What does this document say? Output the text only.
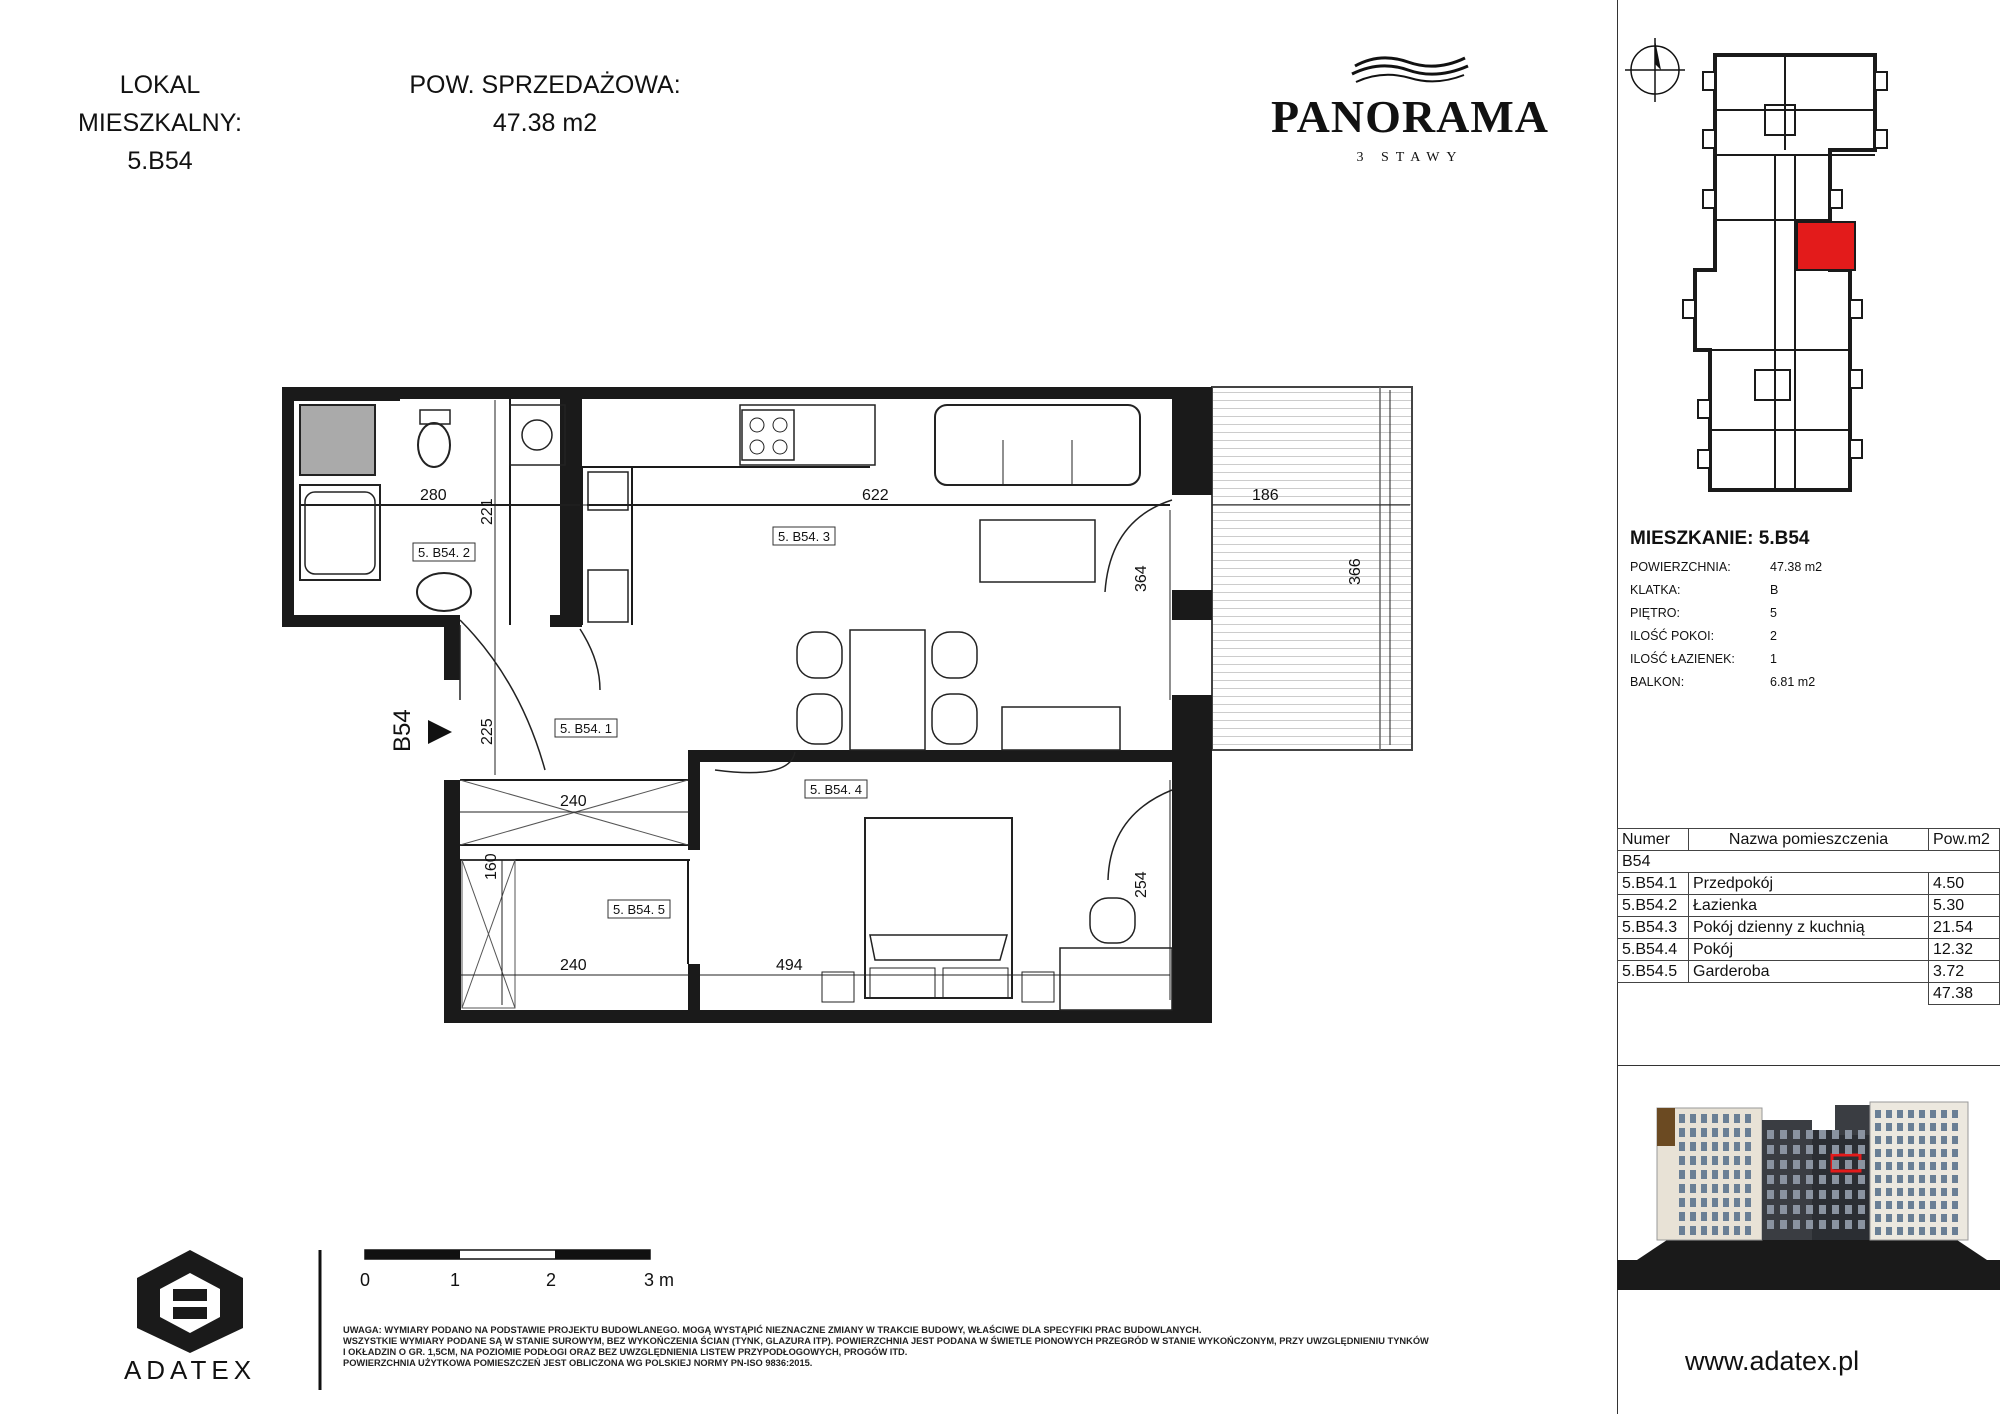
LOKAL MIESZKALNY:
5.B54
POW. SPRZEDAŻOWA:
47.38 m2	PANORAMA
3 STAWY
5. B54. 2
5. B54. 3
5. B54. 1
5. B54. 4
5. B54. 5
280
221
622	186
364	366
225
240
160
240	494
254
B54
0	1	2	3 m
ADATEX
UWAGA: WYMIARY PODANO NA PODSTAWIE PROJEKTU BUDOWLANEGO. MOGĄ WYSTĄPIĆ NIEZNACZNE ZMIANY W TRAKCIE BUDOWY, WŁAŚCIWE DLA SPECYFIKI PRAC BUDOWLANYCH.
WSZYSTKIE WYMIARY PODANE SĄ W STANIE SUROWYM, BEZ WYKOŃCZENIA ŚCIAN (TYNK, GLAZURA ITP). POWIERZCHNIA JEST PODANA W ŚWIETLE PIONOWYCH PRZEGRÓD W STANIE WYKOŃCZONYM, PRZY UWZGLĘDNIENIU TYNKÓW
I OKŁADZIN O GR. 1,5CM, NA POZIOMIE PODŁOGI ORAZ BEZ UWZGLĘDNIENIA LISTEW PRZYPODŁOGOWYCH, PROGÓW ITD.
POWIERZCHNIA UŻYTKOWA POMIESZCZEŃ JEST OBLICZONA WG POLSKIEJ NORMY PN-ISO 9836:2015.
MIESZKANIE: 5.B54
POWIERZCHNIA:	47.38 m2
KLATKA:	B
PIĘTRO:	5
ILOŚĆ POKOI:	2
ILOŚĆ ŁAZIENEK:	1
BALKON:	6.81 m2
Numer	Nazwa pomieszczenia	Pow.m2
B54		
5.B54.1	Przedpokój	4.50
5.B54.2	Łazienka	5.30
5.B54.3	Pokój dzienny z kuchnią	21.54
5.B54.4	Pokój	12.32
5.B54.5	Garderoba	3.72
		47.38
www.adatex.pl
